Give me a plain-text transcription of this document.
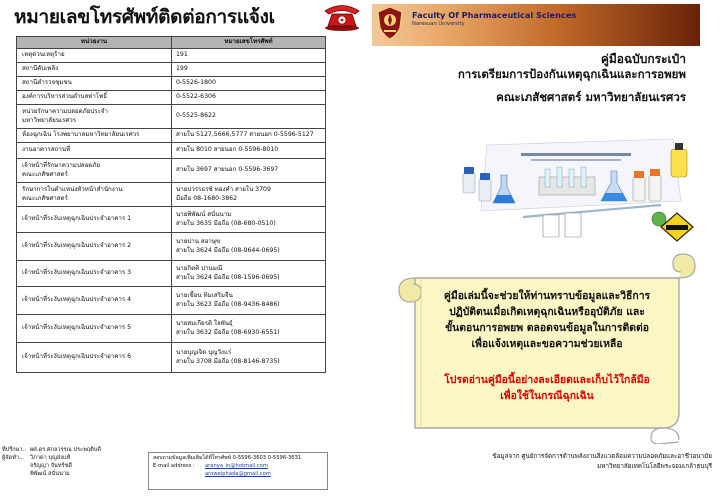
หมายเลขโทรศัพท์ติดต่อการแจ้งเ
หน่วยงาน	หมายเลขโทรศัพท์

เหตุด่วนเหตุร้าย	191

สถานีดับเพลิง	199

สถานีตำรวจชุมชน	0-5526-1800

องค์การบริหารส่วนตำบลท่าโพธิ์	0-5522-6306

หน่วยรักษาความปลอดภัยประจำ
มหาวิทยาลัยนเรศวร	0-5525-8622

ห้องฉุกเฉิน โรงพยาบาลมหาวิทยาลัยนเรศวร	สายใน 5127,5666,5777 สายนอก 0-5596-5127

งานอาคารสถานที่	สายใน 8010 สายนอก 0-5596-8010

เจ้าหน้าที่รักษาความปลอดภัย
คณะเภสัชศาสตร์	สายใน 3697 สายนอก 0-5596-3697

รักษาการในตำแหน่งหัวหน้าสำนักงาน
คณะเภสัชศาสตร์	นายปวรรธรซ์ ทองคำ สายใน 3709
มือถือ 08-1680-3862

เจ้าหน้าที่ระงับเหตุฉุกเฉินประจำอาคาร 1	นายพิพัฒน์ สนั่นนาม
สายใน 3635 มือถือ (08-680-0510)

เจ้าหน้าที่ระงับเหตุฉุกเฉินประจำอาคาร 2	นายปาน สอาษุข
สายใน 3624 มือถือ (08-9644-0695)

เจ้าหน้าที่ระงับเหตุฉุกเฉินประจำอาคาร 3	นายกิตติ ปานมณี
สายใน 3624 มือถือ (08-1596-0695)

เจ้าหน้าที่ระงับเหตุฉุกเฉินประจำอาคาร 4	นายเชื้อน ทิมเสริมจีน
สายใน 3623 มือถือ (08-9436-8486)

เจ้าหน้าที่ระงับเหตุฉุกเฉินประจำอาคาร 5	นายสมเกียรติ ใจพันธุ์
สายใน 3632 มือถือ (08-6930-6551)

เจ้าหน้าที่ระงับเหตุฉุกเฉินประจำอาคาร 6	นายบุญเจิด บุญวังแร่
สายใน 3708 มือถือ (08-8146-8735)
ที่ปรึกษา.. ผศ.ดร.ศกลวรรณ ประพฤติบดี
ผู้จัดทำ...	วิภาดา บุญส่งแท้
จรัญญา จันทร์ชดี
พิพัฒน์ สนั่นนาม
สอบถามข้อมูลเพิ่มเติมได้ที่โทรศัพท์ 0-5596-3603 0-5596-3631
E-mail address :	aranya_in@hotmail.com
aroweiphada@gmail.com
Faculty Of Pharmaceutical Sciences
Naresuan University
คู่มือฉบับกระเป๋า
การเตรียมการป้องกันเหตุฉุกเฉินและการอพยพ
คณะเภสัชศาสตร์ มหาวิทยาลัยนเรศวร
คู่มือเล่มนี้จะช่วยให้ท่านทราบข้อมูลและวิธีการ
ปฏิบัติตนเมื่อเกิดเหตุฉุกเฉินหรืออุบัติภัย และ
ขั้นตอนการอพยพ ตลอดจนข้อมูลในการติดต่อ
เพื่อแจ้งเหตุและขอความช่วยเหลือ
โปรดอ่านคู่มือนี้อย่างละเอียดและเก็บไว้ใกล้มือ
เพื่อใช้ในกรณีฉุกเฉิน
ข้อมูลจาก ศูนย์การจัดการด้านพลังงานสิ่งแวดล้อมความปลอดภัยและอาชีวอนามัย
มหาวิทยาลัยเทคโนโลยีพระจอมเกล้าธนบุรี
